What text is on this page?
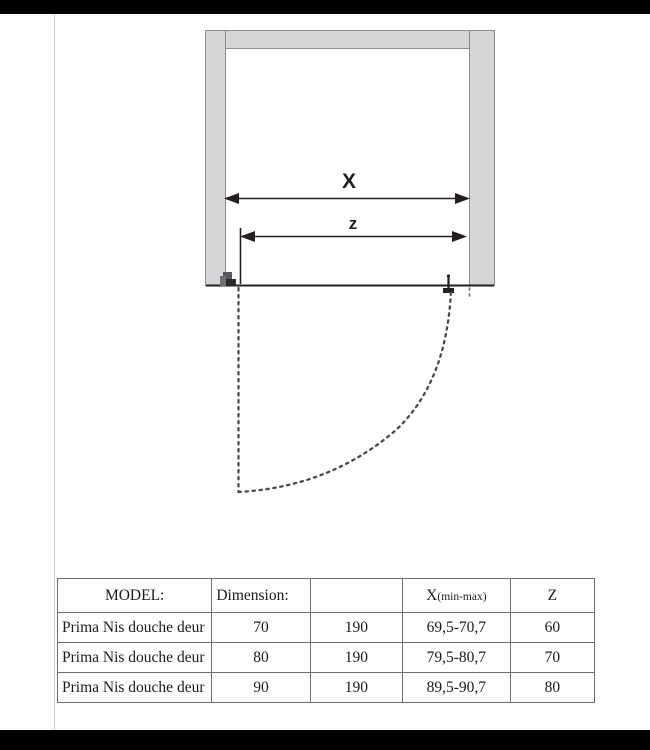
X
z
MODEL:	Dimension:		X(min-max)	Z
Prima Nis douche deur	70	190	69,5-70,7	60
Prima Nis douche deur	80	190	79,5-80,7	70
Prima Nis douche deur	90	190	89,5-90,7	80
